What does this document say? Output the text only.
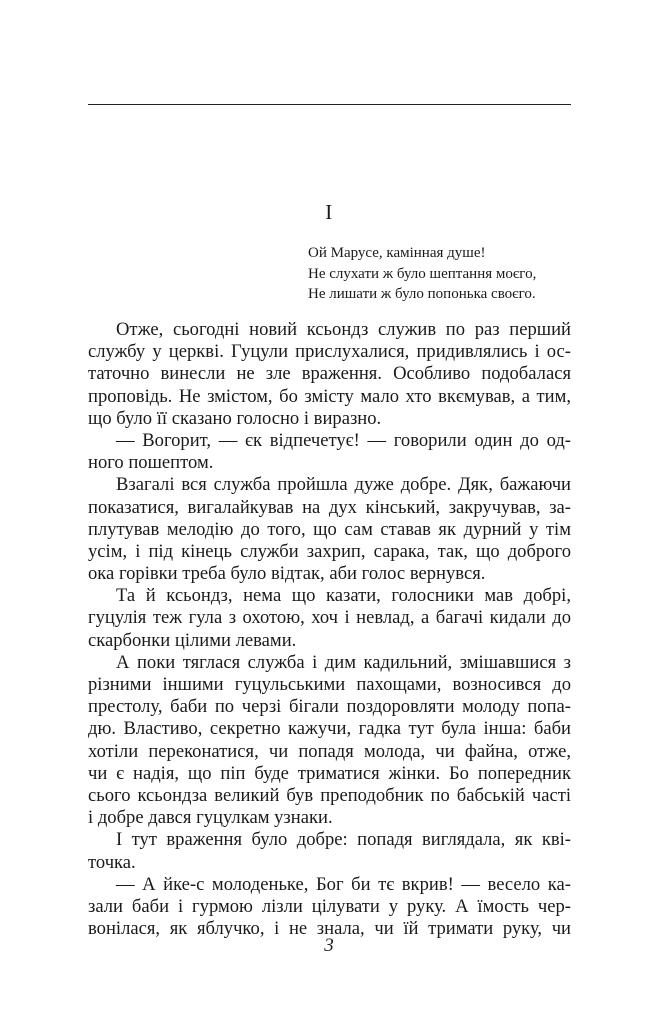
I
Ой Марусе, камінная душе!
Не слухати ж було шептання моєго,
Не лишати ж було попонька своєго.
Отже, сьогодні новий ксьондз служив по раз перший
службу у церкві. Гуцули прислухалися, придивлялись і ос-
таточно винесли не зле враження. Особливо подобалася
проповідь. Не змістом, бо змісту мало хто вкємував, а тим,
що було її сказано голосно і виразно.
— Вогорит, — єк відпечетує! — говорили один до од-
ного пошептом.
Взагалі вся служба пройшла дуже добре. Дяк, бажаючи
показатися, вигалайкував на дух кінський, закручував, за-
плутував мелодію до того, що сам ставав як дурний у тім
усім, і під кінець служби захрип, сарака, так, що доброго
ока горівки треба було відтак, аби голос вернувся.
Та й ксьондз, нема що казати, голосники мав добрі,
гуцулія теж гула з охотою, хоч і невлад, а багачі кидали до
скарбонки цілими левами.
А поки тяглася служба і дим кадильний, змішавшися з
різними іншими гуцульськими пахощами, возносився до
престолу, баби по черзі бігали поздоровляти молоду попа-
дю. Властиво, секретно кажучи, гадка тут була інша: баби
хотіли переконатися, чи попадя молода, чи файна, отже,
чи є надія, що піп буде триматися жінки. Бо попередник
сього ксьондза великий був преподобник по бабській часті
і добре дався гуцулкам узнаки.
І тут враження було добре: попадя виглядала, як кві-
точка.
— А йке-с молоденьке, Бог би тє вкрив! — весело ка-
зали баби і гурмою лізли цілувати у руку. А їмость чер-
вонілася, як яблучко, і не знала, чи їй тримати руку, чи
3
